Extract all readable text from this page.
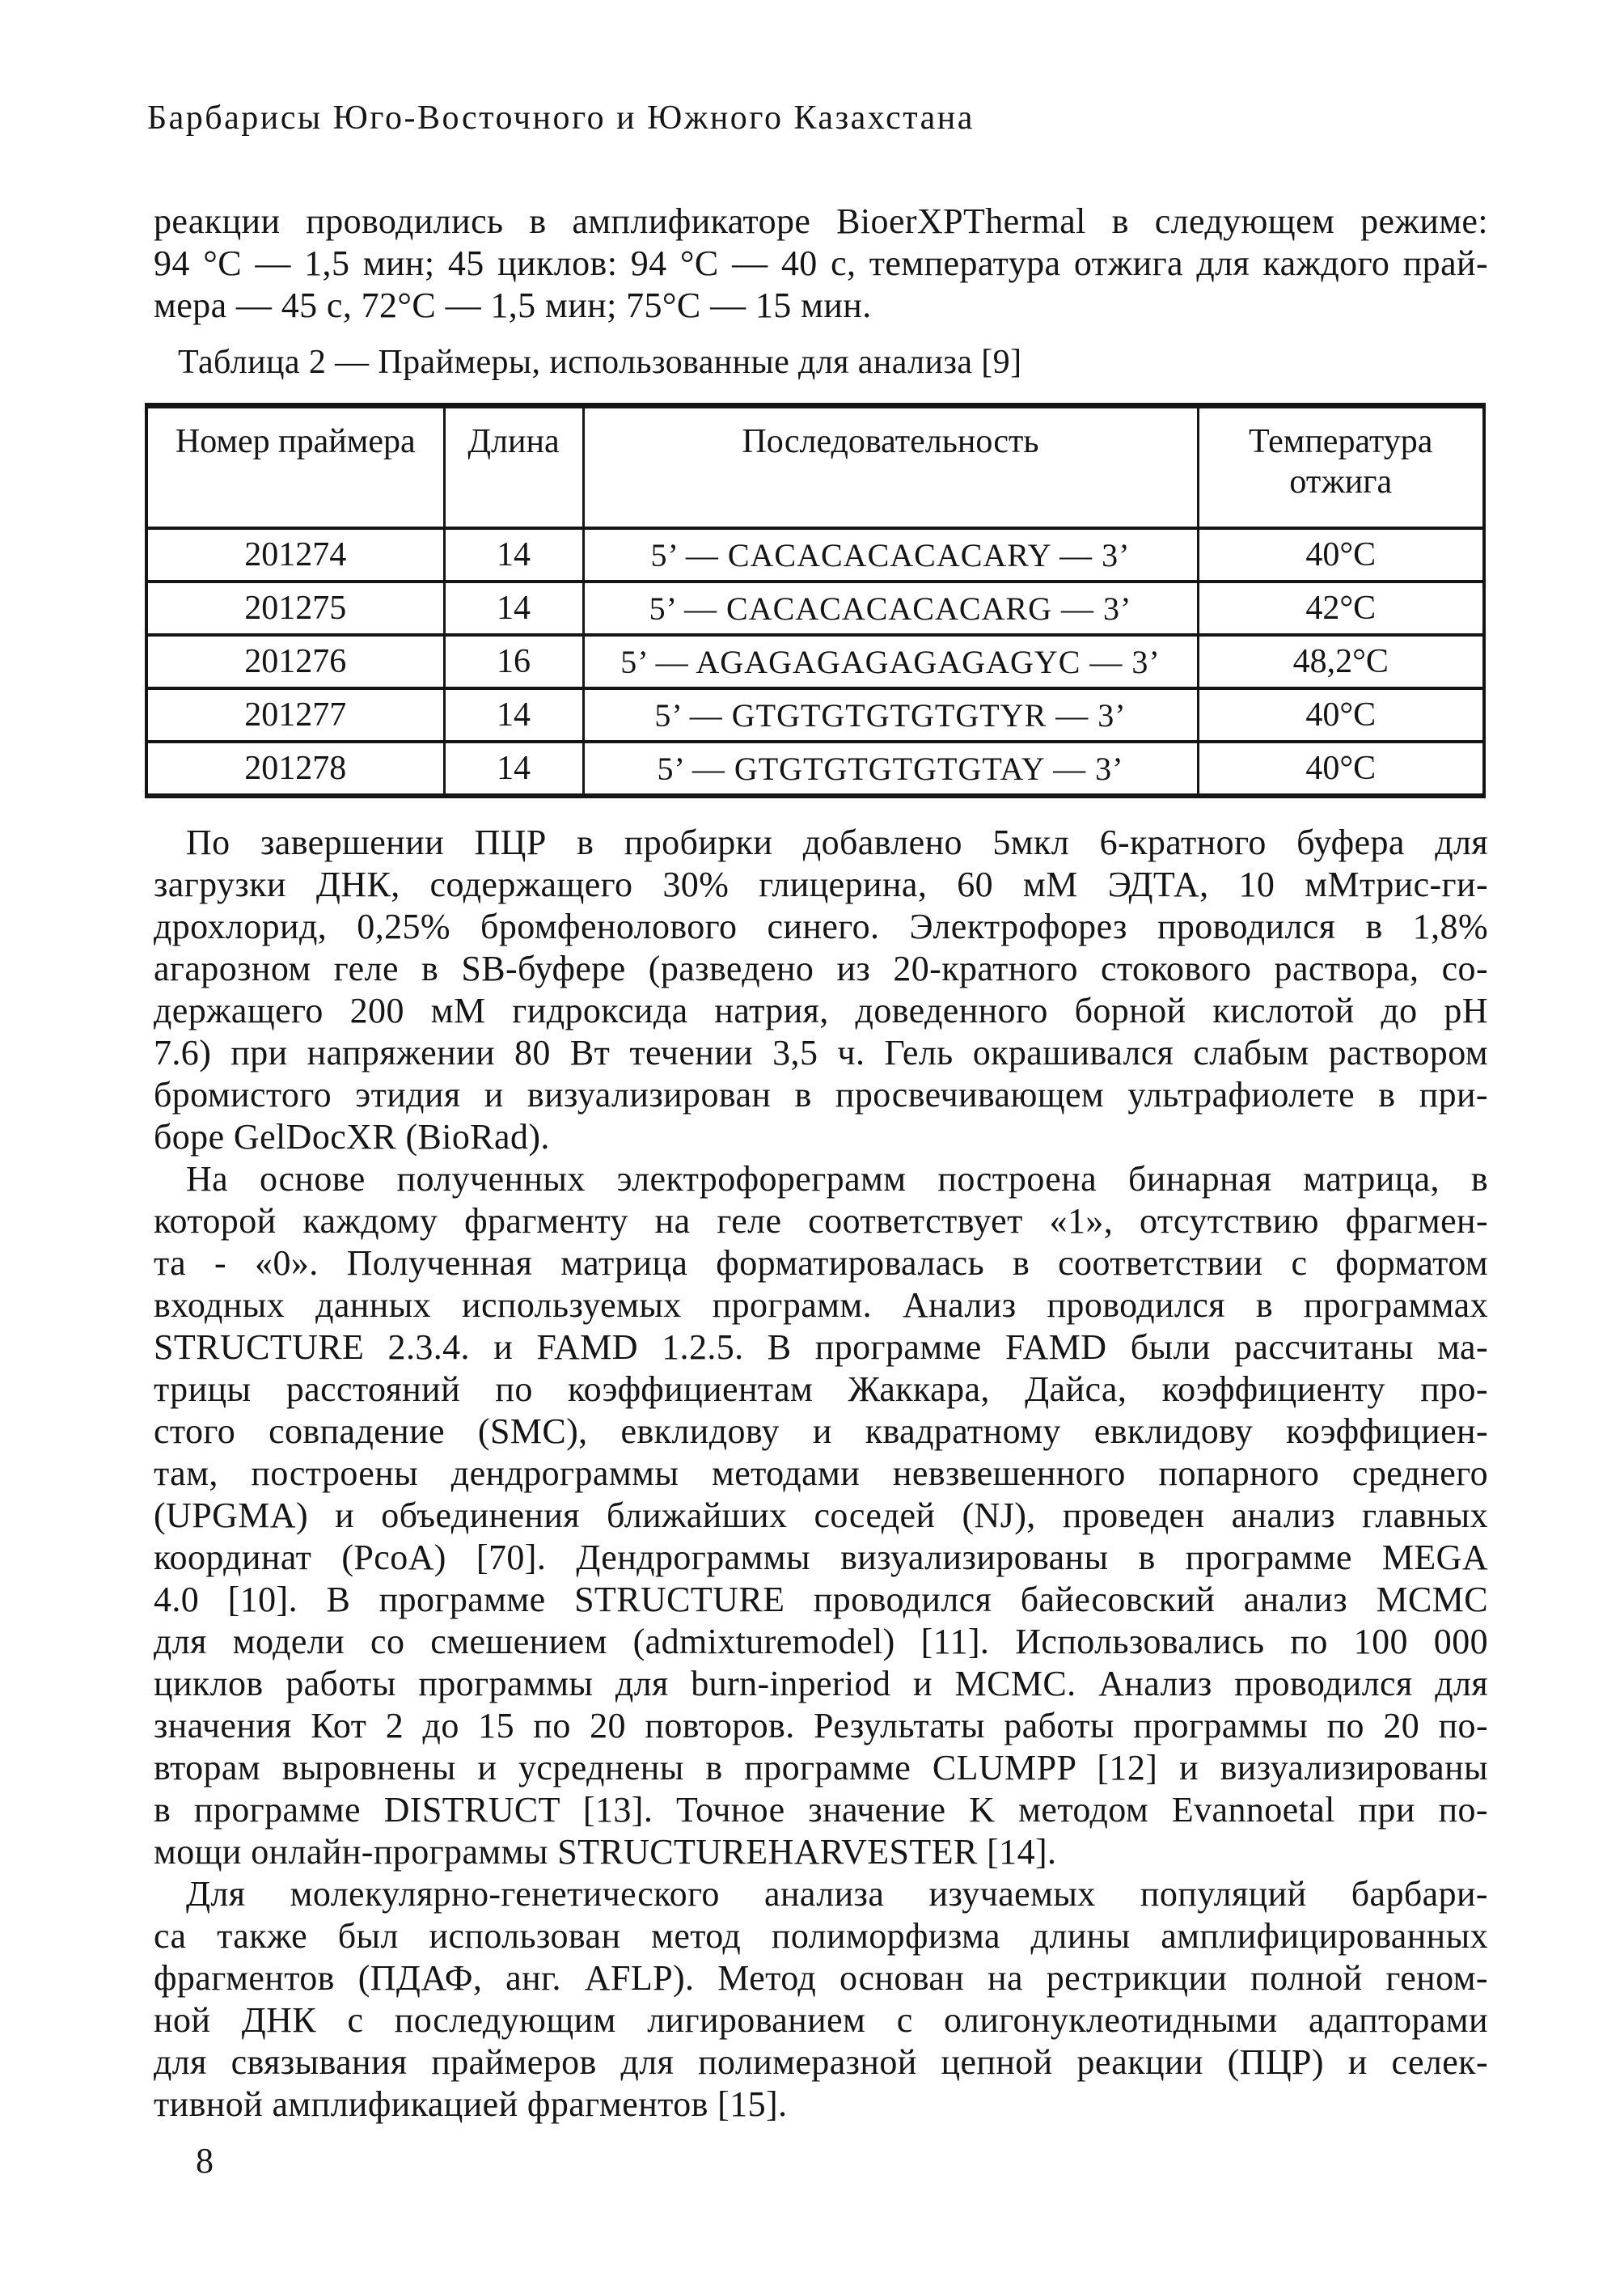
Барбарисы Юго-Восточного и Южного Казахстана
реакции проводились в амплификаторе BioerXPThermal в следующем режиме:
94 °С — 1,5 мин; 45 циклов: 94 °С — 40 с, температура отжига для каждого прай-
мера — 45 с, 72°С — 1,5 мин; 75°С — 15 мин.
Таблица 2 — Праймеры, использованные для анализа [9]
Номер праймера	Длина	Последовательность	Температура отжига
201274	14	5’ — CACACACACACARY — 3’	40°С
201275	14	5’ — CACACACACACARG — 3’	42°С
201276	16	5’ — AGAGAGAGAGAGAGYC — 3’	48,2°С
201277	14	5’ — GTGTGTGTGTGTYR — 3’	40°С
201278	14	5’ — GTGTGTGTGTGTAY — 3’	40°С
По завершении ПЦР в пробирки добавлено 5мкл 6-кратного буфера для
загрузки ДНК, содержащего 30% глицерина, 60 мМ ЭДТА, 10 мМтрис-ги-
дрохлорид, 0,25% бромфенолового синего. Электрофорез проводился в 1,8%
агарозном геле в SB-буфере (разведено из 20-кратного стокового раствора, со-
держащего 200 мМ гидроксида натрия, доведенного борной кислотой до pH
7.6) при напряжении 80 Вт течении 3,5 ч. Гель окрашивался слабым раствором
бромистого этидия и визуализирован в просвечивающем ультрафиолете в при-
боре GelDocXR (BioRad).
На основе полученных электрофореграмм построена бинарная матрица, в
которой каждому фрагменту на геле соответствует «1», отсутствию фрагмен-
та - «0». Полученная матрица форматировалась в соответствии с форматом
входных данных используемых программ. Анализ проводился в программах
STRUCTURE 2.3.4. и FAMD 1.2.5. В программе FAMD были рассчитаны ма-
трицы расстояний по коэффициентам Жаккара, Дайса, коэффициенту про-
стого совпадение (SMC), евклидову и квадратному евклидову коэффициен-
там, построены дендрограммы методами невзвешенного попарного среднего
(UPGMA) и объединения ближайших соседей (NJ), проведен анализ главных
координат (PcoA) [70]. Дендрограммы визуализированы в программе MEGA
4.0 [10]. В программе STRUCTURE проводился байесовский анализ MCMC
для модели со смешением (admixturemodel) [11]. Использовались по 100 000
циклов работы программы для burn-inperiod и MCMC. Анализ проводился для
значения Кот 2 до 15 по 20 повторов. Результаты работы программы по 20 по-
вторам выровнены и усреднены в программе CLUMPP [12] и визуализированы
в программе DISTRUCT [13]. Точное значение K методом Evannoetal при по-
мощи онлайн-программы STRUCTUREHARVESTER [14].
Для молекулярно-генетического анализа изучаемых популяций барбари-
са также был использован метод полиморфизма длины амплифицированных
фрагментов (ПДАФ, анг. AFLP). Метод основан на рестрикции полной геном-
ной ДНК с последующим лигированием с олигонуклеотидными адапторами
для связывания праймеров для полимеразной цепной реакции (ПЦР) и селек-
тивной амплификацией фрагментов [15].
8
